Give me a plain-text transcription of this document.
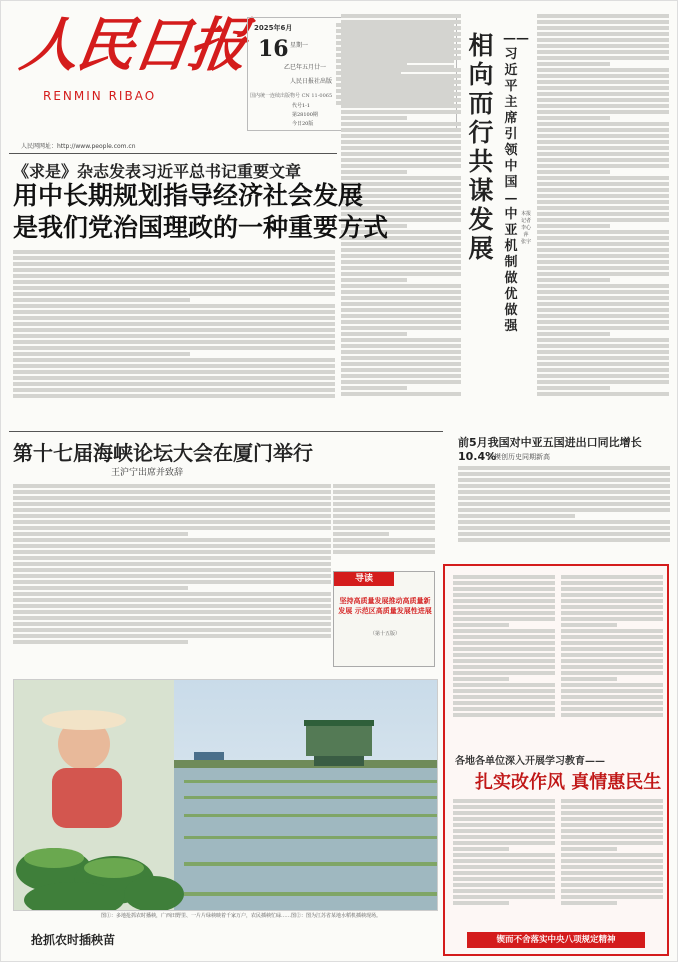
人民日报
RENMIN RIBAO
人民网网址：http://www.people.com.cn
2025年6月
16 星期一
乙巳年五月廿一
人民日报社出版
国内统一连续出版物号 CN 11-0065
代号1-1
第28100期
今日20版
相向而行 共谋发展
——习近平主席引领中国—中亚机制做优做强
本报记者 李心萍 张宇
《求是》杂志发表习近平总书记重要文章
用中长期规划指导经济社会发展
是我们党治国理政的一种重要方式
第十七届海峡论坛大会在厦门举行
王沪宁出席并致辞
前5月我国对中亚五国进出口同比增长10.4%
规模创历史同期新高
导读
坚持高质量发展推动高质量新发展 示范区高质量发展性进展
（第十五版）
图①：多地抢抓农时播秧，广西田野里、一片片绿秧映着千家万户，农民插秧忙碌……图②：图为江苏省某地水稻机插秧现场。
抢抓农时插秧苗
各地各单位深入开展学习教育——
扎实改作风 真情惠民生
锲而不舍落实中央八项规定精神
